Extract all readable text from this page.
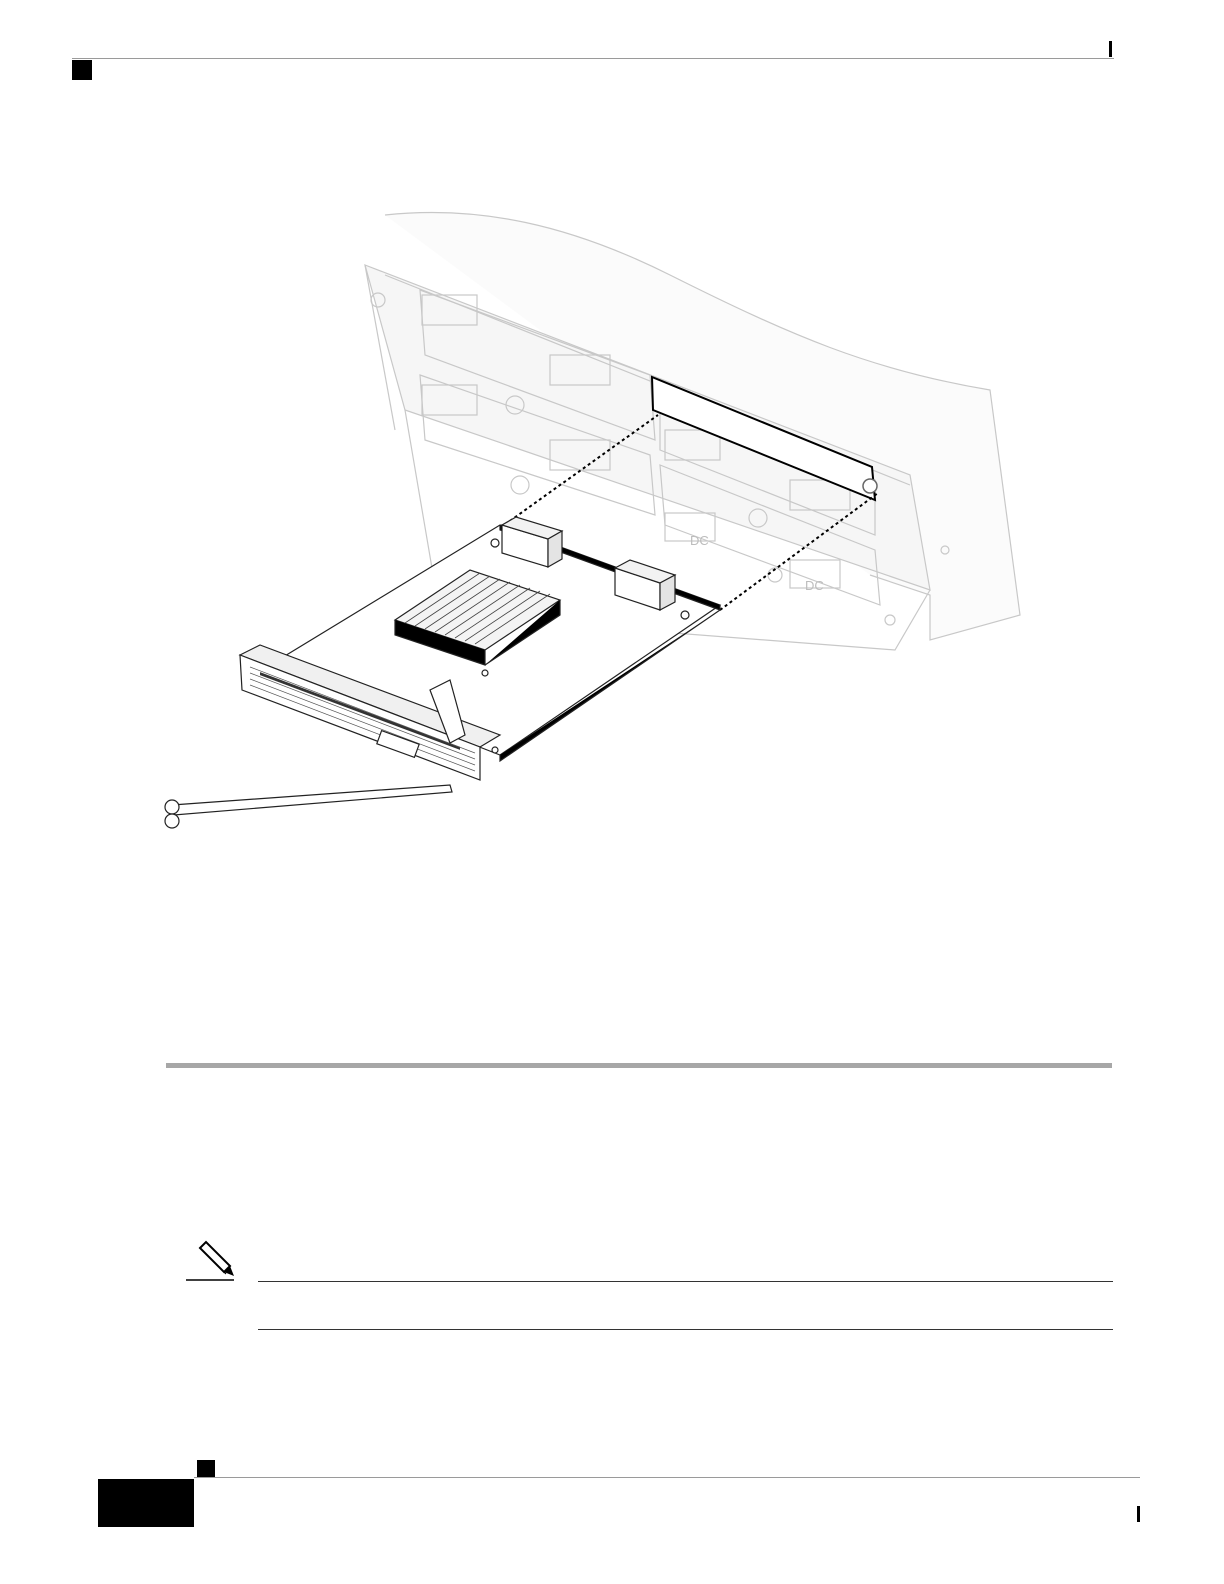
DC
DC
